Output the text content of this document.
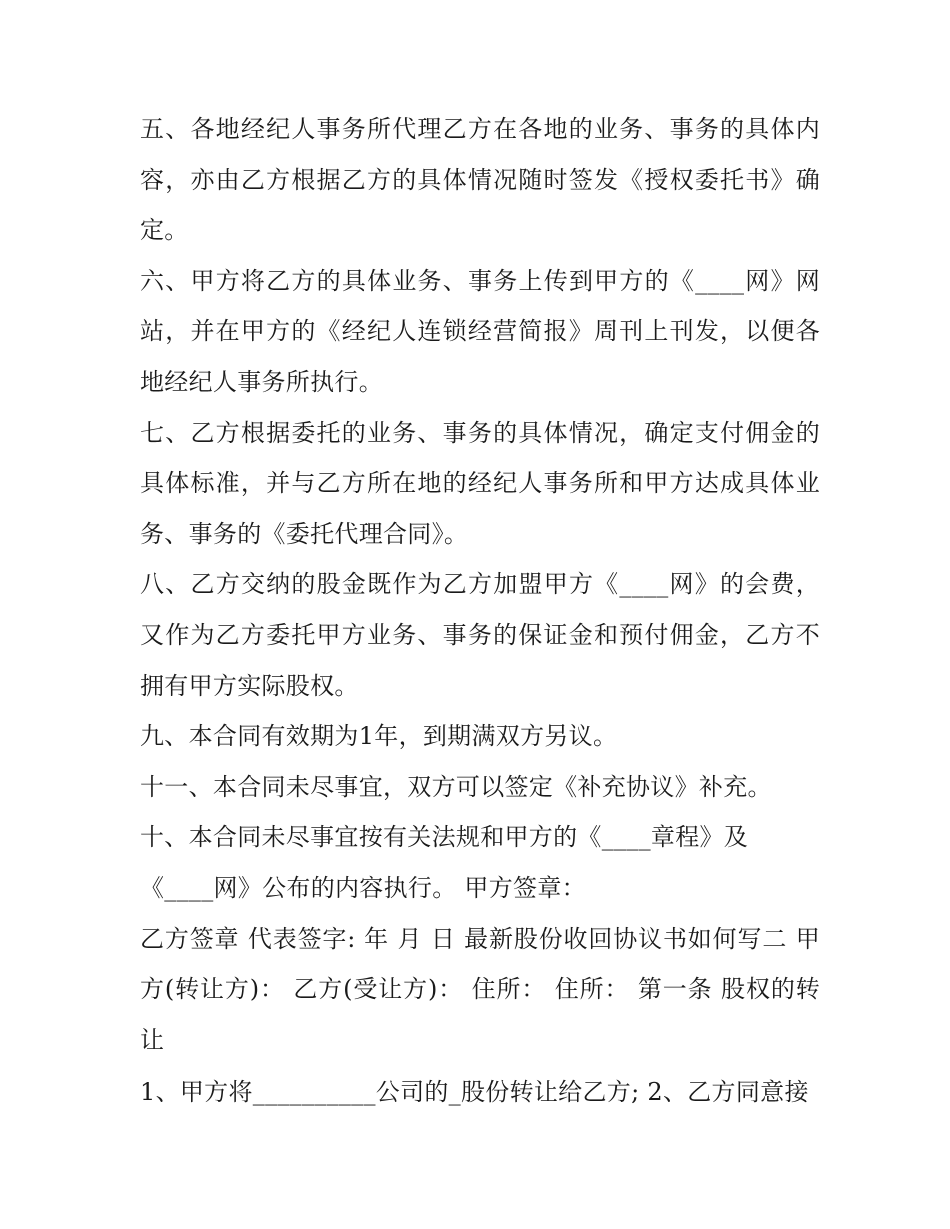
五、各地经纪人事务所代理乙方在各地的业务、事务的具体内容，亦由乙方根据乙方的具体情况随时签发《授权委托书》确定。

六、甲方将乙方的具体业务、事务上传到甲方的《____网》网站，并在甲方的《经纪人连锁经营简报》周刊上刊发，以便各地经纪人事务所执行。

七、乙方根据委托的业务、事务的具体情况，确定支付佣金的具体标准，并与乙方所在地的经纪人事务所和甲方达成具体业务、事务的《委托代理合同》。

八、乙方交纳的股金既作为乙方加盟甲方《____网》的会费，又作为乙方委托甲方业务、事务的保证金和预付佣金，乙方不拥有甲方实际股权。

九、本合同有效期为1年，到期满双方另议。

十一、本合同未尽事宜，双方可以签定《补充协议》补充。

十、本合同未尽事宜按有关法规和甲方的《____章程》及

《____网》公布的内容执行。 甲方签章：

乙方签章 代表签字: 年 月 日 最新股份收回协议书如何写二 甲方(转让方)： 乙方(受让方)： 住所： 住所： 第一条 股权的转让

1、甲方将__________公司的_股份转让给乙方; 2、乙方同意接
